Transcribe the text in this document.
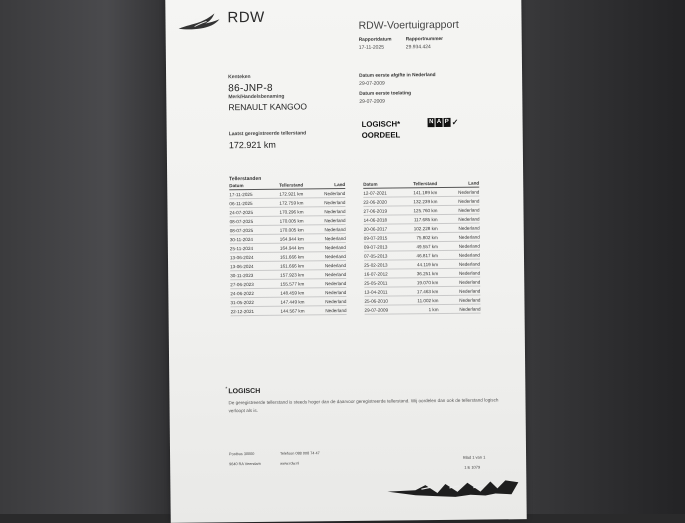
RDW	RDW-Voertuigrapport
Rapportdatum
17-11-2025
Rapportnummer
29.934.424
Kenteken
86-JNP-8
Merk/Handelsbenaming
RENAULT KANGOO
Datum eerste afgifte in Nederland
29-07-2009
Datum eerste toelating
29-07-2009
Laatst geregistreerde tellerstand
172.921 km
LOGISCH*
OORDEEL
N A P ✓
Tellerstanden
Datum	Tellerstand	Land
17-11-2025	172.921 km	Nederland
06-11-2025	172.759 km	Nederland
24-07-2025	170.296 km	Nederland
08-07-2025	170.005 km	Nederland
08-07-2025	170.005 km	Nederland
30-11-2024	164.944 km	Nederland
25-11-2024	164.944 km	Nederland
13-06-2024	161.666 km	Nederland
13-06-2024	161.666 km	Nederland
30-11-2023	157.923 km	Nederland
27-06-2023	155.577 km	Nederland
24-06-2022	148.459 km	Nederland
31-05-2022	147.449 km	Nederland
22-12-2021	144.567 km	Nederland
Datum	Tellerstand	Land
12-07-2021	141.189 km	Nederland
22-06-2020	132.239 km	Nederland
27-06-2019	125.760 km	Nederland
14-06-2018	117.685 km	Nederland
20-06-2017	102.228 km	Nederland
09-07-2015	75.802 km	Nederland
09-07-2013	49.557 km	Nederland
07-05-2013	46.817 km	Nederland
25-02-2013	44.119 km	Nederland
16-07-2012	36.251 km	Nederland
25-05-2011	19.070 km	Nederland
13-04-2011	17.463 km	Nederland
25-06-2010	11.002 km	Nederland
29-07-2009	1 km	Nederland
* LOGISCH
De geregistreerde tellerstand is steeds hoger dan de daarvoor geregistreerde tellerstand. Wij oordelen dan ook de tellerstand logisch verloopt als is.
Postbus 30000
9640 RA Veendam
Telefoon 088 008 74 47
www.rdw.nl
Blad 1 van 1
1 E 1079
